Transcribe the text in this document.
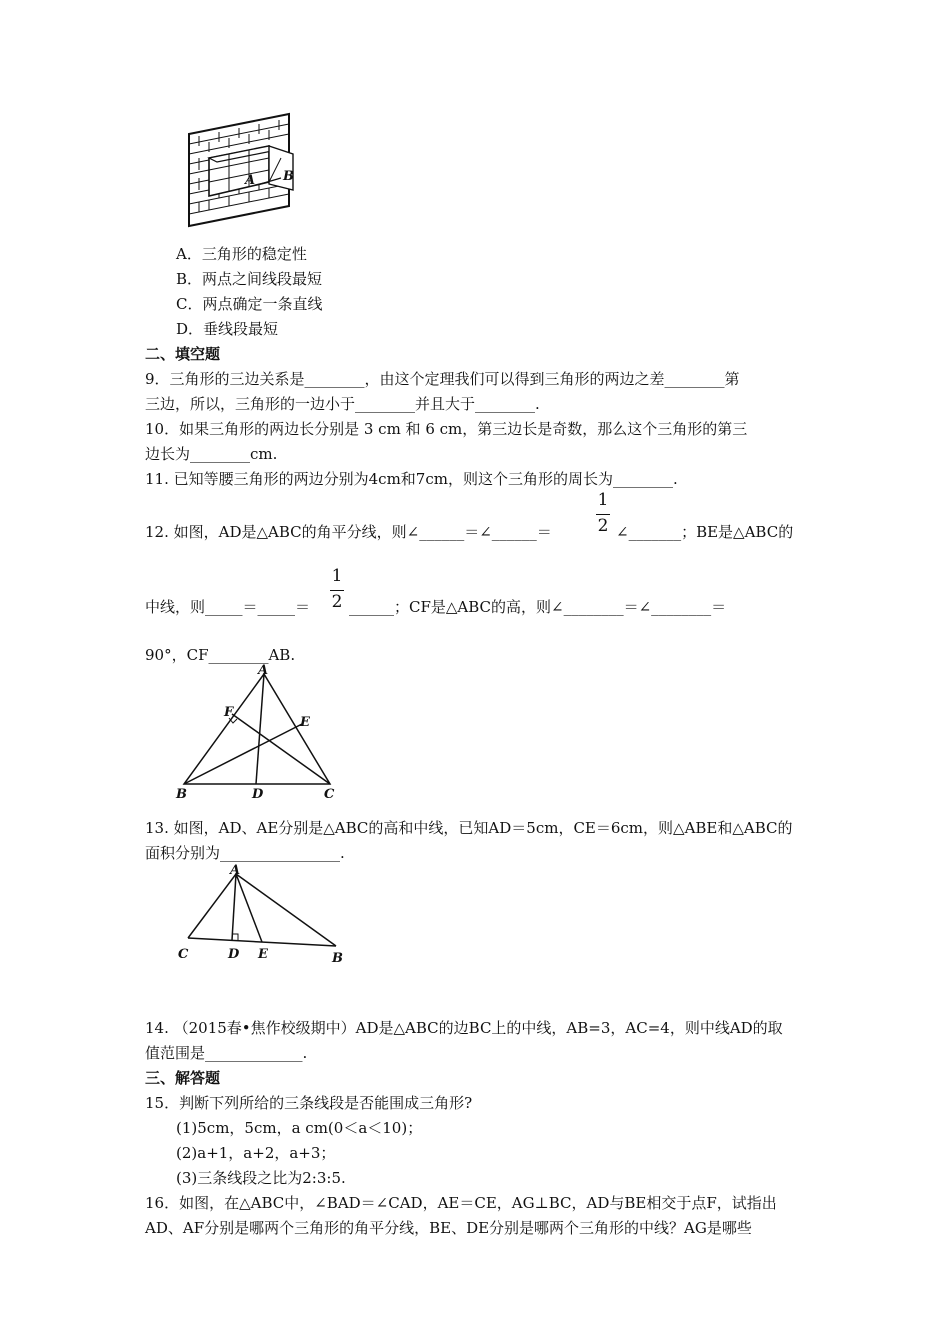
A B
A．三角形的稳定性
B．两点之间线段最短
C．两点确定一条直线
D．垂线段最短
二、填空题
9．三角形的三边关系是________，由这个定理我们可以得到三角形的两边之差________第
三边，所以，三角形的一边小于________并且大于________.
10．如果三角形的两边长分别是 3 cm 和 6 cm，第三边长是奇数，那么这个三角形的第三
边长为________cm.
11. 已知等腰三角形的两边分别为4cm和7cm，则这个三角形的周长为________.
12. 如图，AD是△ABC的角平分线，则∠______＝∠______＝
1
2 ∠_______；BE是△ABC的
中线，则_____＝_____＝
1
2 ______；CF是△ABC的高，则∠________＝∠________＝
90°，CF________AB.
A
B	C
D
E
F
13. 如图，AD、AE分别是△ABC的高和中线，已知AD＝5cm，CE＝6cm，则△ABE和△ABC的
面积分别为________________.
A
C	D E	B
14. （2015春•焦作校级期中）AD是△ABC的边BC上的中线，AB=3，AC=4，则中线AD的取
值范围是_____________.
三、解答题
15．判断下列所给的三条线段是否能围成三角形?
(1)5cm，5cm，a cm(0＜a＜10)；
(2)a+1，a+2，a+3；
(3)三条线段之比为2:3:5.
16．如图，在△ABC中，∠BAD＝∠CAD，AE＝CE，AG⊥BC，AD与BE相交于点F，试指出
AD、AF分别是哪两个三角形的角平分线，BE、DE分别是哪两个三角形的中线？AG是哪些
